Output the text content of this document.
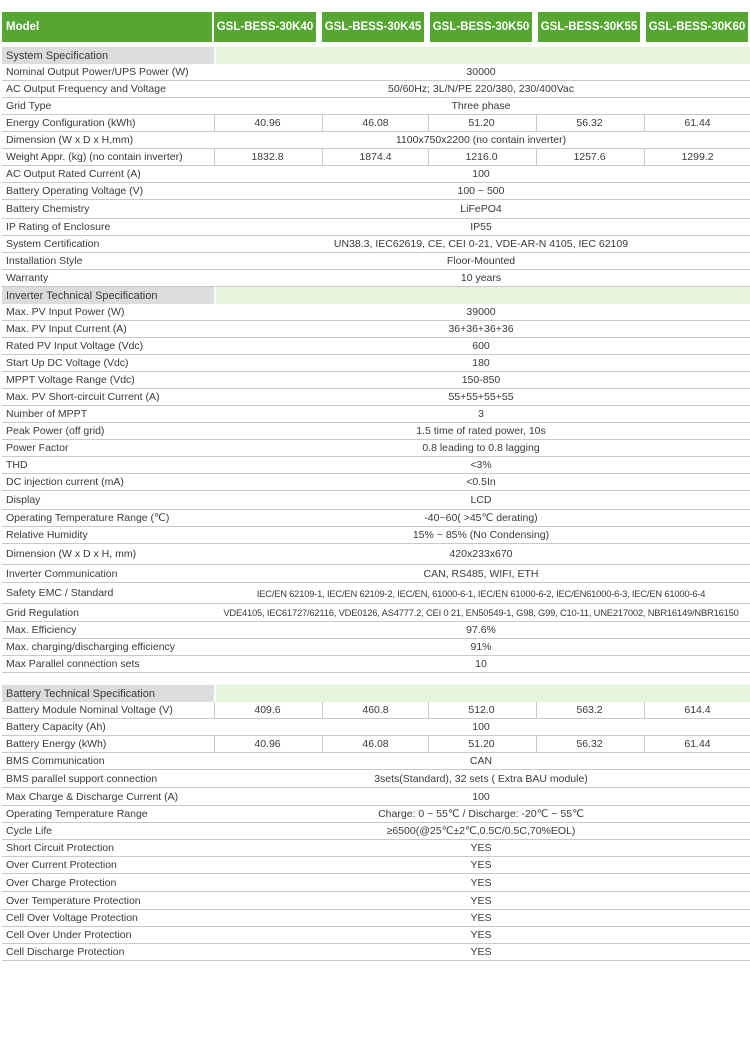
Model	GSL-BESS-30K40 GSL-BESS-30K45 GSL-BESS-30K50 GSL-BESS-30K55 GSL-BESS-30K60
System Specification
Nominal Output Power/UPS Power (W)	30000
AC Output Frequency and Voltage	50/60Hz; 3L/N/PE 220/380, 230/400Vac
Grid Type	Three phase
Energy Configuration (kWh)	40.96	46.08	51.20	56.32	61.44
Dimension (W x D x H,mm)	1100x750x2200 (no contain inverter)
Weight Appr. (kg) (no contain inverter)	1832.8	1874.4	1216.0	1257.6	1299.2
AC Output Rated Current (A)	100
Battery Operating Voltage (V)	100 ~ 500
Battery Chemistry	LiFePO4
IP Rating of Enclosure	IP55
System Certification	UN38.3, IEC62619, CE, CEI 0-21, VDE-AR-N 4105, IEC 62109
Installation Style	Floor-Mounted
Warranty	10 years
Inverter Technical Specification
Max. PV Input Power (W)	39000
Max. PV Input Current (A)	36+36+36+36
Rated PV Input Voltage (Vdc)	600
Start Up DC Voltage (Vdc)	180
MPPT Voltage Range (Vdc)	150-850
Max. PV Short-circuit Current (A)	55+55+55+55
Number of MPPT	3
Peak Power (off grid)	1.5 time of rated power, 10s
Power Factor	0.8 leading to 0.8 lagging
THD	<3%
DC injection current (mA)	<0.5In
Display	LCD
Operating Temperature Range (℃)	-40~60( >45℃ derating)
Relative Humidity	15% ~ 85% (No Condensing)
Dimension (W x D x H, mm)	420x233x670
Inverter Communication	CAN, RS485, WIFI, ETH
Safety EMC / Standard	IEC/EN 62109-1, IEC/EN 62109-2, IEC/EN, 61000-6-1, IEC/EN 61000-6-2, IEC/EN61000-6-3, IEC/EN 61000-6-4
Grid Regulation	VDE4105, IEC61727/62116, VDE0126, AS4777.2, CEI 0 21, EN50549-1, G98, G99, C10-11, UNE217002, NBR16149/NBR16150
Max. Efficiency	97.6%
Max. charging/discharging efficiency	91%
Max Parallel connection sets	10
Battery Technical Specification
Battery Module Nominal Voltage (V)	409.6	460.8	512.0	563.2	614.4
Battery Capacity (Ah)	100
Battery Energy (kWh)	40.96	46.08	51.20	56.32	61.44
BMS Communication	CAN
BMS parallel support connection	3sets(Standard), 32 sets ( Extra BAU module)
Max Charge & Discharge Current (A)	100
Operating Temperature Range	Charge: 0 ~ 55℃ / Discharge: -20℃ ~ 55℃
Cycle Life	≥6500(@25℃±2℃,0.5C/0.5C,70%EOL)
Short Circuit Protection	YES
Over Current Protection	YES
Over Charge Protection	YES
Over Temperature Protection	YES
Cell Over Voltage Protection	YES
Cell Over Under Protection	YES
Cell Discharge Protection	YES
